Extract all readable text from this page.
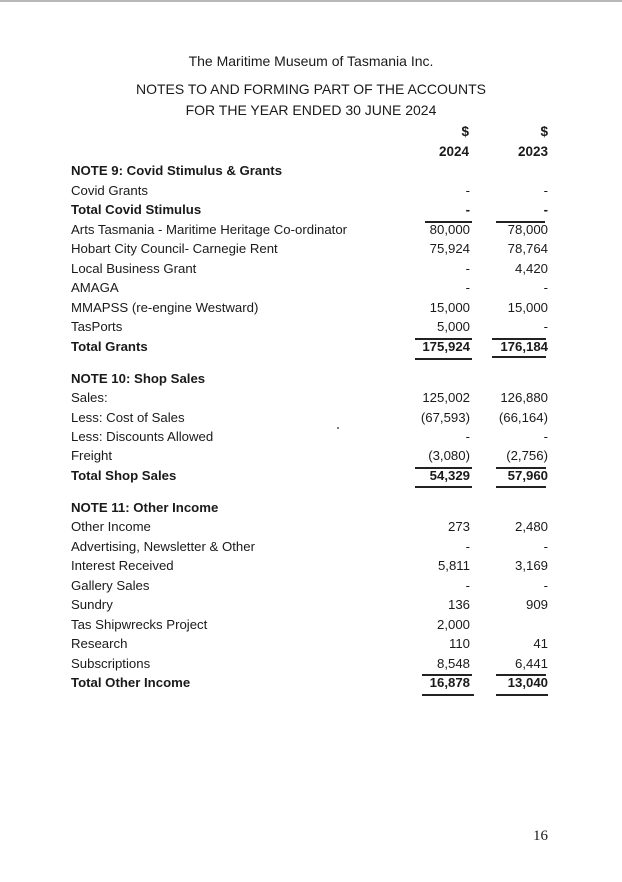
The Maritime Museum of Tasmania Inc.
NOTES TO AND FORMING PART OF THE ACCOUNTS
FOR THE YEAR ENDED 30 JUNE 2024
$	$
2024	2023
NOTE 9: Covid Stimulus & Grants
Covid Grants	-	-
Total Covid Stimulus	-	-
Arts Tasmania - Maritime Heritage Co-ordinator	80,000	78,000
Hobart City Council- Carnegie Rent	75,924	78,764
Local Business Grant	-	4,420
AMAGA	-	-
MMAPSS (re-engine Westward)	15,000	15,000
TasPorts	5,000	-
Total Grants	175,924 176,184
NOTE 10: Shop Sales
Sales:	125,002 126,880
Less: Cost of Sales	(67,593) (66,164)
Less: Discounts Allowed	-	-
Freight	(3,080)	(2,756)
Total Shop Sales	54,329	57,960
NOTE 11: Other Income
Other Income	273	2,480
Advertising, Newsletter & Other	-	-
Interest Received	5,811	3,169
Gallery Sales	-	-
Sundry	136	909
Tas Shipwrecks Project	2,000
Research	110	41
Subscriptions	8,548	6,441
Total Other Income	16,878	13,040
16
